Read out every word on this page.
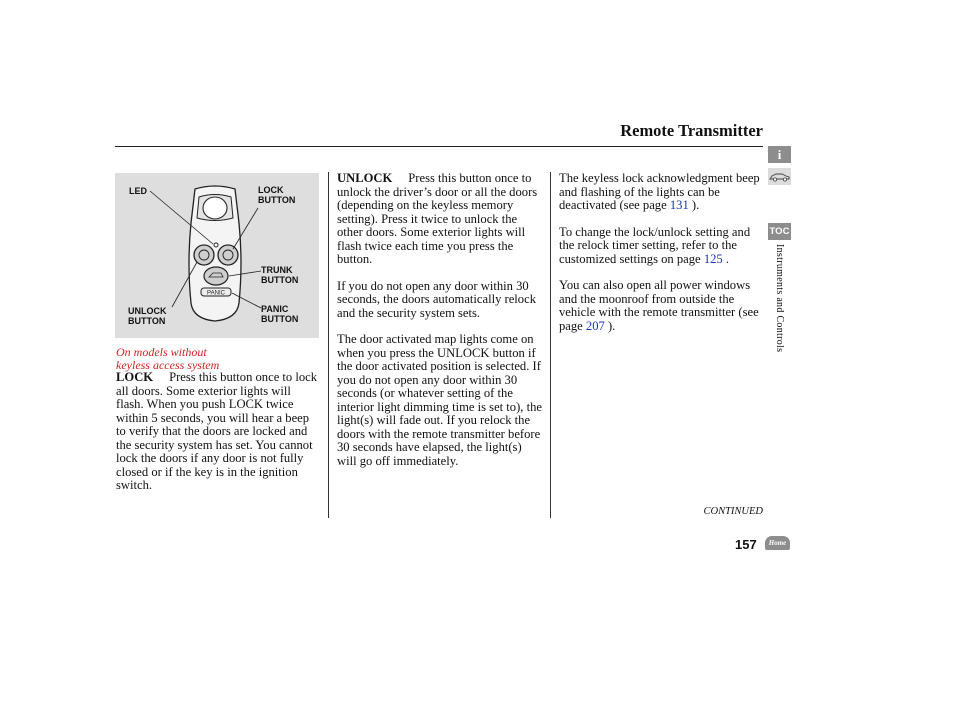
Remote Transmitter
PANIC
LED	LOCK
BUTTON
TRUNK
BUTTON
UNLOCK
BUTTON
PANIC
BUTTON
On models without
keyless access system

LOCK Press this button once to lock all doors. Some exterior lights will flash. When you push LOCK twice within 5 seconds, you will hear a beep to verify that the doors are locked and the security system has set. You cannot lock the doors if any door is not fully closed or if the key is in the ignition switch.

UNLOCK Press this button once to unlock the driver’s door or all the doors (depending on the keyless memory setting). Press it twice to unlock the other doors. Some exterior lights will flash twice each time you press the button.

If you do not open any door within 30 seconds, the doors automatically relock and the security system sets.

The door activated map lights come on when you press the UNLOCK button if the door activated position is selected. If you do not open any door within 30 seconds (or whatever setting of the interior light dimming time is set to), the light(s) will fade out. If you relock the doors with the remote transmitter before 30 seconds have elapsed, the light(s) will go off immediately.

The keyless lock acknowledgment beep and flashing of the lights can be deactivated (see page 131 ).

To change the lock/unlock setting and the relock timer setting, refer to the customized settings on page 125 .

You can also open all power windows and the moonroof from outside the vehicle with the remote transmitter (see page 207 ).

i
TOC
Instruments and Controls
CONTINUED
157	Home
